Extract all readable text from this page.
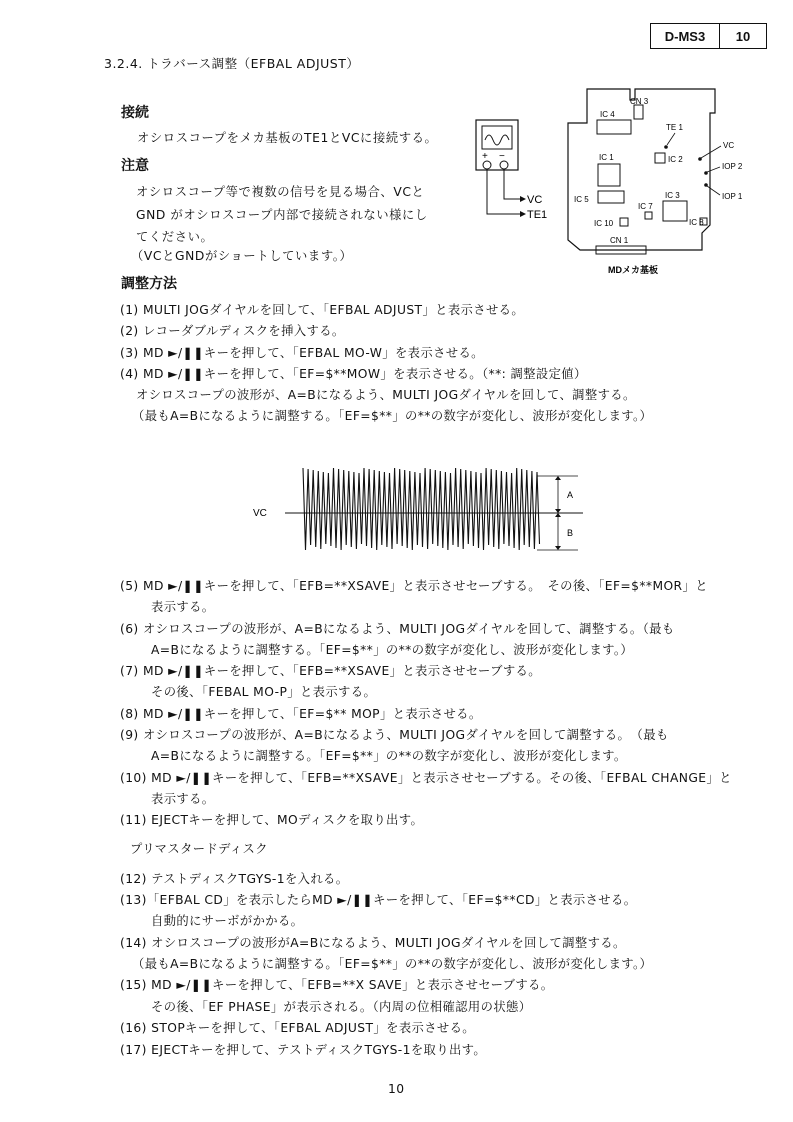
D-MS3	10
3.2.4. トラバース調整（EFBAL ADJUST）
接続
オシロスコープをメカ基板のTE1とVCに接続する。
注意
オシロスコープ等で複数の信号を見る場合、VCと
GND がオシロスコープ内部で接続されない様にし
てください。
（VCとGNDがショートしています。）
+ −
VC
TE1
CN 3
IC 4
TE 1
VC
IC 1	IC 2
IOP 2
IOP 1
IC 5	IC 3
IC 7
IC 10	IC 8
CN 1
MDメカ基板
調整方法
(1) MULTI JOGダイヤルを回して、「EFBAL ADJUST」と表示させる。
(2) レコーダブルディスクを挿入する。
(3) MD ►/❚❚キーを押して、「EFBAL MO-W」を表示させる。
(4) MD ►/❚❚キーを押して、「EF=$**MOW」を表示させる。（**: 調整設定値）
オシロスコープの波形が、A=Bになるよう、MULTI JOGダイヤルを回して、調整する。
（最もA=Bになるように調整する。「EF=$**」の**の数字が変化し、波形が変化します。）
VC
A
B
(5) MD ►/❚❚キーを押して、「EFB=**XSAVE」と表示させセーブする。　その後、「EF=$**MOR」と
表示する。
(6) オシロスコープの波形が、A=Bになるよう、MULTI JOGダイヤルを回して、調整する。（最も
A=Bになるように調整する。「EF=$**」の**の数字が変化し、波形が変化します。）
(7) MD ►/❚❚キーを押して、「EFB=**XSAVE」と表示させセーブする。
その後、「FEBAL MO-P」と表示する。
(8) MD ►/❚❚キーを押して、「EF=$** MOP」と表示させる。
(9) オシロスコープの波形が、A=Bになるよう、MULTI JOGダイヤルを回して調整する。　（最も
A=Bになるように調整する。「EF=$**」の**の数字が変化し、波形が変化します。
(10) MD ►/❚❚キーを押して、「EFB=**XSAVE」と表示させセーブする。その後、「EFBAL CHANGE」と
表示する。
(11) EJECTキーを押して、MOディスクを取り出す。
プリマスタードディスク
(12) テストディスクTGYS-1を入れる。
(13)「EFBAL CD」を表示したらMD ►/❚❚キーを押して、「EF=$**CD」と表示させる。
自動的にサーボがかかる。
(14) オシロスコープの波形がA=Bになるよう、MULTI JOGダイヤルを回して調整する。
（最もA=Bになるように調整する。「EF=$**」の**の数字が変化し、波形が変化します。）
(15) MD ►/❚❚キーを押して、「EFB=**X SAVE」と表示させセーブする。
その後、「EF PHASE」が表示される。（内周の位相確認用の状態）
(16) STOPキーを押して、「EFBAL ADJUST」を表示させる。
(17) EJECTキーを押して、テストディスクTGYS-1を取り出す。
10
